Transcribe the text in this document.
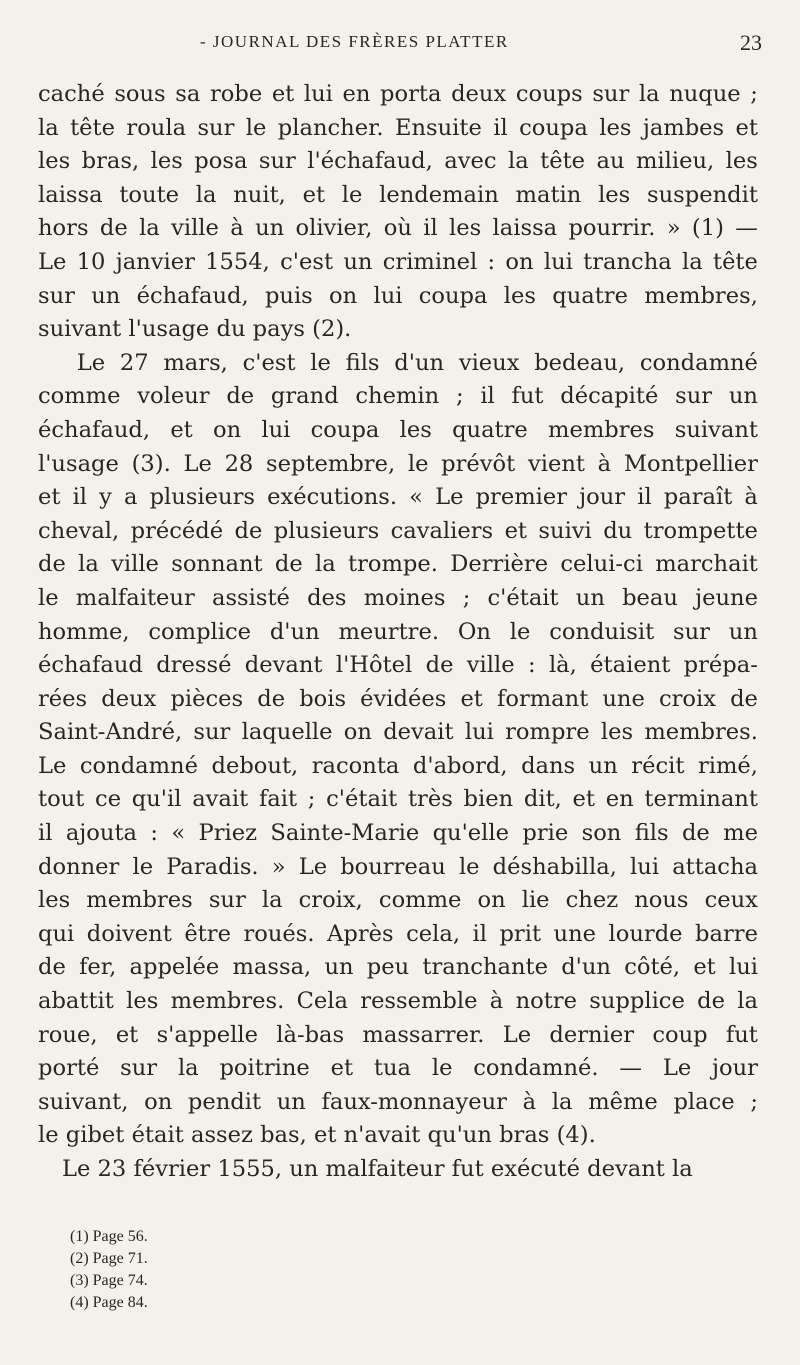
- JOURNAL DES FRÈRES PLATTER	23
caché sous sa robe et lui en porta deux coups sur la nuque ;
la tête roula sur le plancher. Ensuite il coupa les jambes et
les bras, les posa sur l'échafaud, avec la tête au milieu, les
laissa toute la nuit, et le lendemain matin les suspendit
hors de la ville à un olivier, où il les laissa pourrir. » (1) —
Le 10 janvier 1554, c'est un criminel : on lui trancha la tête
sur un échafaud, puis on lui coupa les quatre membres,
suivant l'usage du pays (2).
Le 27 mars, c'est le fils d'un vieux bedeau, condamné
comme voleur de grand chemin ; il fut décapité sur un
échafaud, et on lui coupa les quatre membres suivant
l'usage (3). Le 28 septembre, le prévôt vient à Montpellier
et il y a plusieurs exécutions. « Le premier jour il paraît à
cheval, précédé de plusieurs cavaliers et suivi du trompette
de la ville sonnant de la trompe. Derrière celui-ci marchait
le malfaiteur assisté des moines ; c'était un beau jeune
homme, complice d'un meurtre. On le conduisit sur un
échafaud dressé devant l'Hôtel de ville : là, étaient prépa-
rées deux pièces de bois évidées et formant une croix de
Saint-André, sur laquelle on devait lui rompre les membres.
Le condamné debout, raconta d'abord, dans un récit rimé,
tout ce qu'il avait fait ; c'était très bien dit, et en terminant
il ajouta : « Priez Sainte-Marie qu'elle prie son fils de me
donner le Paradis. » Le bourreau le déshabilla, lui attacha
les membres sur la croix, comme on lie chez nous ceux
qui doivent être roués. Après cela, il prit une lourde barre
de fer, appelée massa, un peu tranchante d'un côté, et lui
abattit les membres. Cela ressemble à notre supplice de la
roue, et s'appelle là-bas massarrer. Le dernier coup fut
porté sur la poitrine et tua le condamné. — Le jour
suivant, on pendit un faux-monnayeur à la même place ;
le gibet était assez bas, et n'avait qu'un bras (4).
Le 23 février 1555, un malfaiteur fut exécuté devant la
(1) Page 56.
(2) Page 71.
(3) Page 74.
(4) Page 84.
